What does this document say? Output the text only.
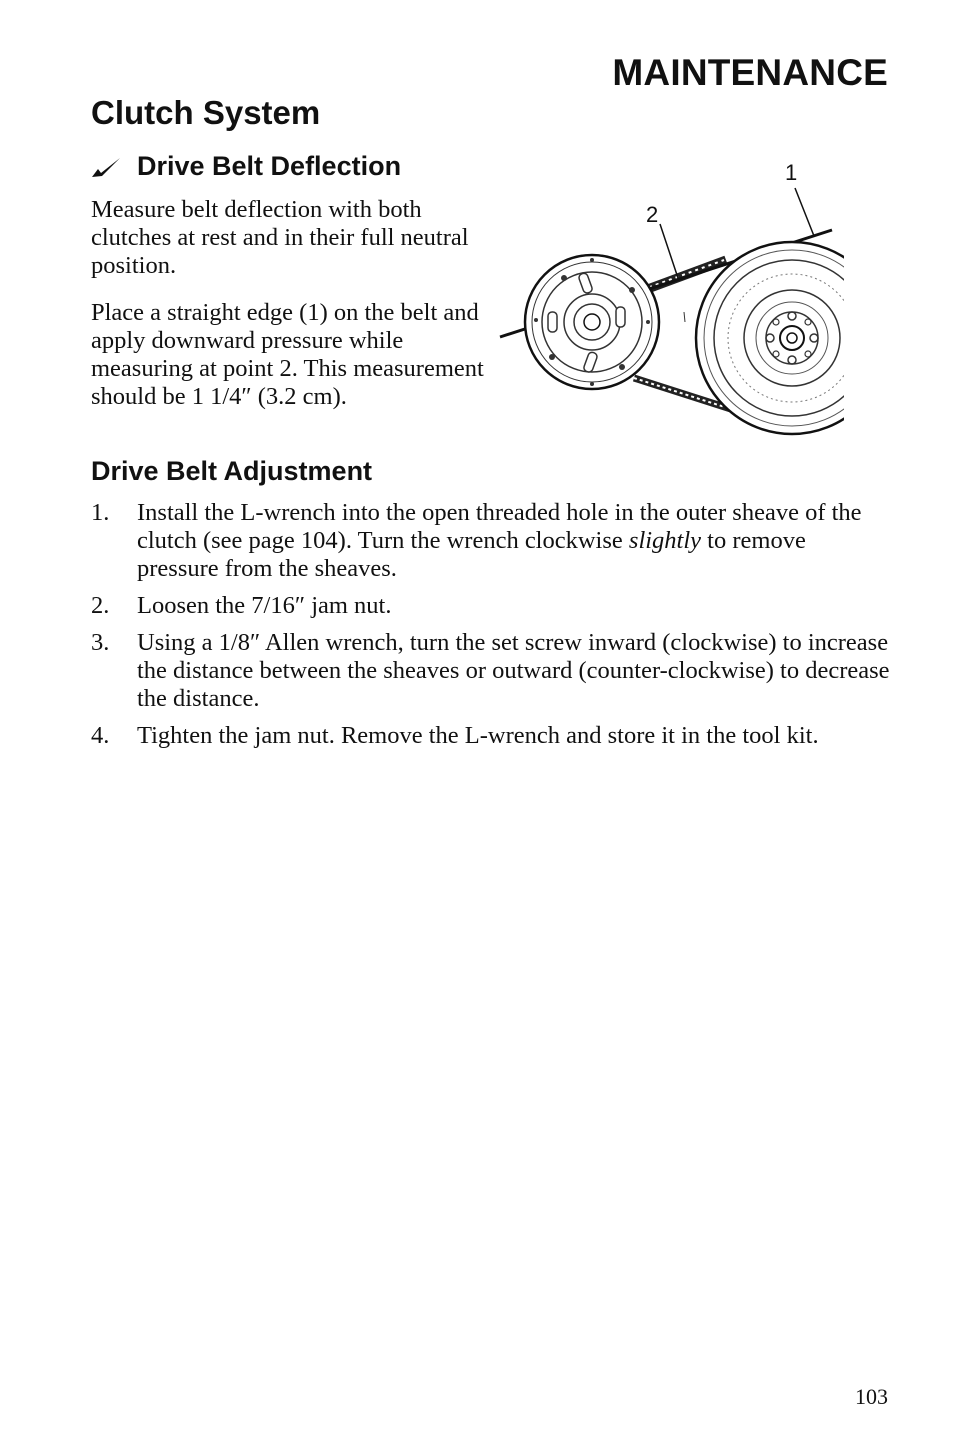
MAINTENANCE
Clutch System
Drive Belt Deflection
Measure belt deflection with both clutches at rest and in their full neutral position.
Place a straight edge (1) on the belt and apply downward pressure while measuring at point 2. This measurement should be 1 1/4″ (3.2 cm).
1
2
Drive Belt Adjustment
1. Install the L-wrench into the open threaded hole in the outer sheave of the clutch (see page 104). Turn the wrench clockwise slightly to remove pressure from the sheaves.
2. Loosen the 7/16″ jam nut.
3. Using a 1/8″ Allen wrench, turn the set screw inward (clockwise) to increase the distance between the sheaves or outward (counter-clockwise) to decrease the distance.
4. Tighten the jam nut. Remove the L-wrench and store it in the tool kit.
103
